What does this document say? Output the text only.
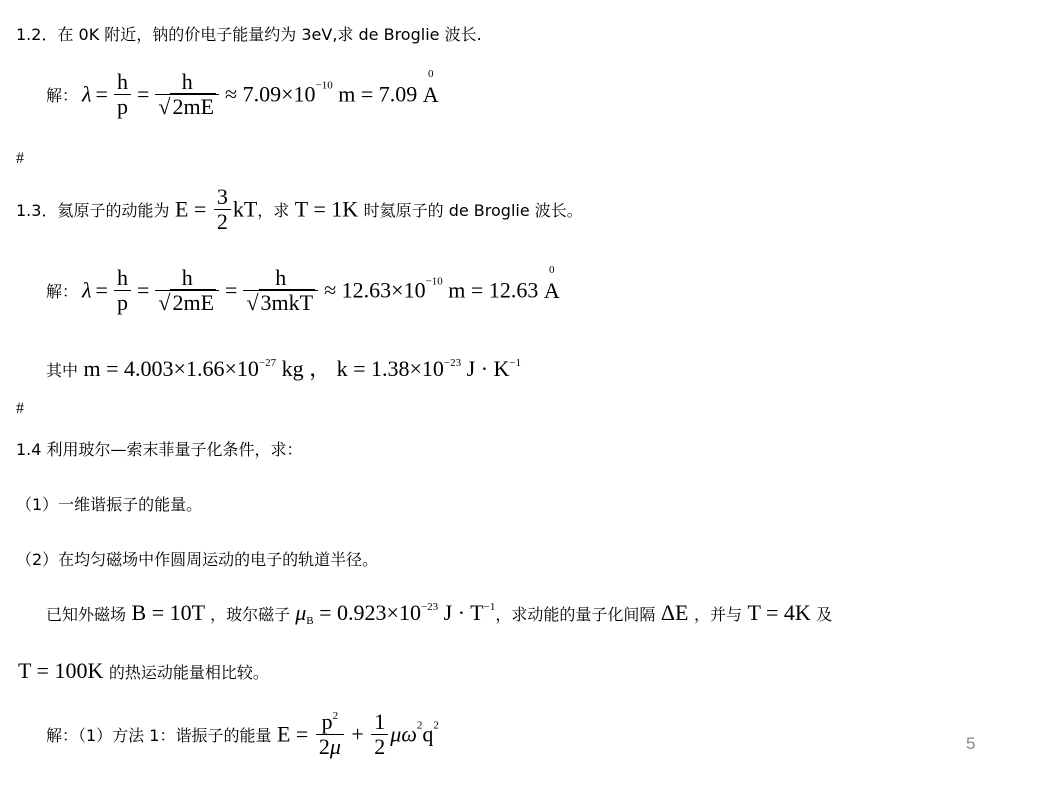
1.2．在 0K 附近，钠的价电子能量约为 3eV,求 de Broglie 波长.
解： $\lambda = \frac{h}{p} = \frac{h}{√2mE} \approx 7.09\times 10^{-10}$ m = 7.09
0
A
#
1.3．氦原子的动能为 $E = \frac{3}{2}$ kT，求 T = 1K 时氦原子的 de Broglie 波长。
解： $\lambda = \frac{h}{p} = \frac{h}{√2mE} = \frac{h}{\text{√3mkT}} \approx 12.63\times 10^{-10}$ m = 12.63
0
A
其中 $m = 4.003\times 1.66\times 10^{-27}$ kg ， $k = 1.38\times 10^{-23}$ $J \cdot K^{-1}$
#
1.4 利用玻尔—索末菲量子化条件，求：
（1）一维谐振子的能量。
（2）在均匀磁场中作圆周运动的电子的轨道半径。
已知外磁场 B = 10T ，玻尔磁子 $\mu_B = 0.923\times 10^{-23}$ $J \cdot T^{-1}$，求动能的量子化间隔 ΔE ，并与 T = 4K 及
T = 100K 的热运动能量相比较。
解：（1）方法 1：谐振子的能量 $E = \frac{p^2}{2\mu} + \frac{1}{2} \mu\omega^2q^2$
5
